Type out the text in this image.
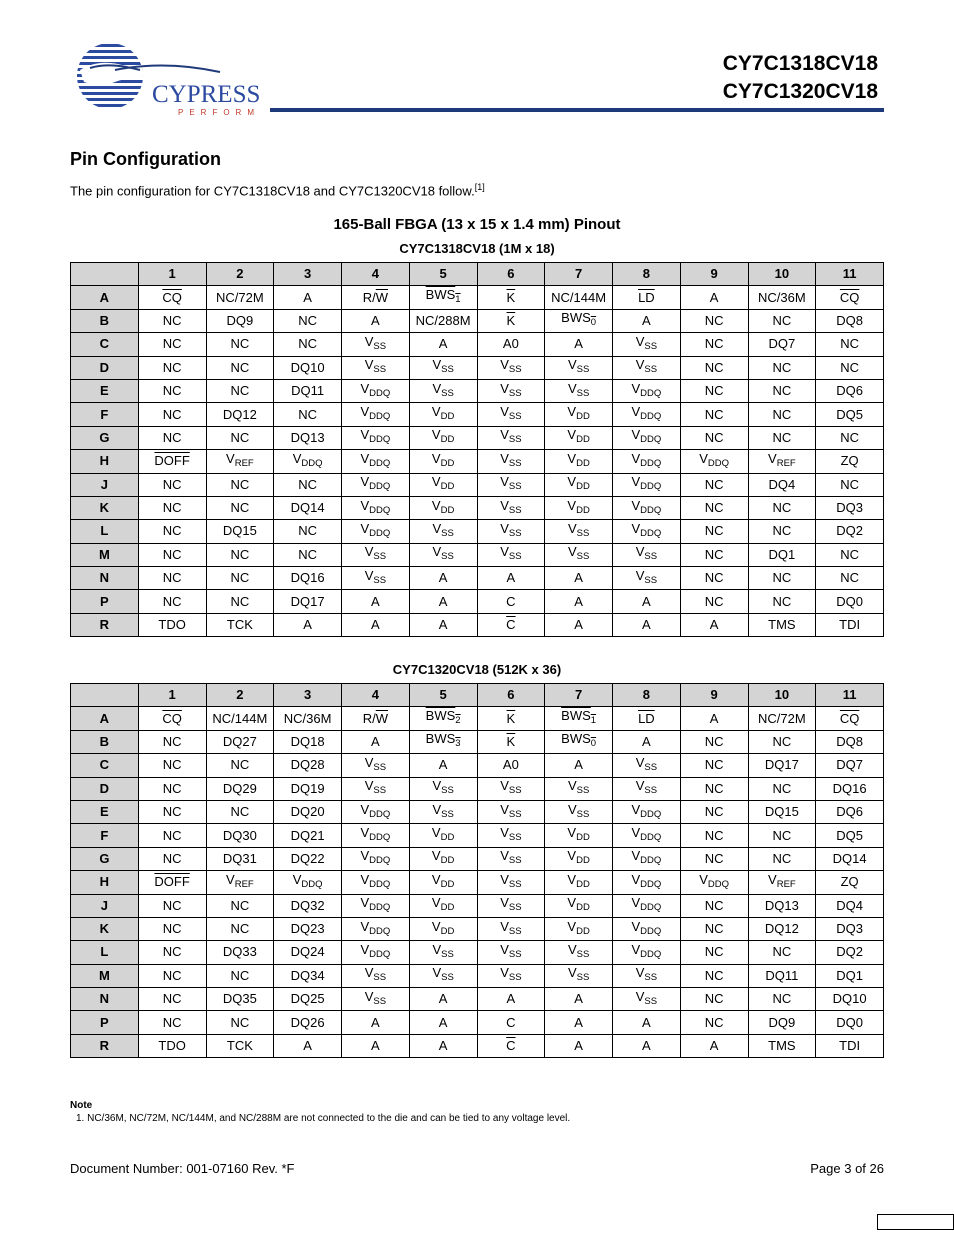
CYPRESS
PERFORM
CY7C1318CV18
CY7C1320CV18
Pin Configuration
The pin configuration for CY7C1318CV18 and CY7C1320CV18 follow.[1]
165-Ball FBGA (13 x 15 x 1.4 mm) Pinout
CY7C1318CV18 (1M x 18)
	1	2	3	4	5	6	7	8	9	10	11
A	$\overline{CQ}$	NC/72M	A	$R/\overline{W}$	$BWS_1$	$\overline{K}$	NC/144M	$\overline{LD}$	A	NC/36M	$\overline{CQ}$
B	NC	DQ9	NC	A	NC/288M	$\overline{K}$	$BWS_0$	A	NC	NC	DQ8
C	NC	NC	NC	$V_{SS}$	A	A0	A	$V_{SS}$	NC	DQ7	NC
D	NC	NC	DQ10	$V_{SS}$	$V_{SS}$	$V_{SS}$	$V_{SS}$	$V_{SS}$	NC	NC	NC
E	NC	NC	DQ11	$V_{DDQ}$	$V_{SS}$	$V_{SS}$	$V_{SS}$	$V_{DDQ}$	NC	NC	DQ6
F	NC	DQ12	NC	$V_{DDQ}$	$V_{DD}$	$V_{SS}$	$V_{DD}$	$V_{DDQ}$	NC	NC	DQ5
G	NC	NC	DQ13	$V_{DDQ}$	$V_{DD}$	$V_{SS}$	$V_{DD}$	$V_{DDQ}$	NC	NC	NC
H	DOFF	$V_{REF}$	$V_{DDQ}$	$V_{DDQ}$	$V_{DD}$	$V_{SS}$	$V_{DD}$	$V_{DDQ}$	$V_{DDQ}$	$V_{REF}$	ZQ
J	NC	NC	NC	$V_{DDQ}$	$V_{DD}$	$V_{SS}$	$V_{DD}$	$V_{DDQ}$	NC	DQ4	NC
K	NC	NC	DQ14	$V_{DDQ}$	$V_{DD}$	$V_{SS}$	$V_{DD}$	$V_{DDQ}$	NC	NC	DQ3
L	NC	DQ15	NC	$V_{DDQ}$	$V_{SS}$	$V_{SS}$	$V_{SS}$	$V_{DDQ}$	NC	NC	DQ2
M	NC	NC	NC	$V_{SS}$	$V_{SS}$	$V_{SS}$	$V_{SS}$	$V_{SS}$	NC	DQ1	NC
N	NC	NC	DQ16	$V_{SS}$	A	A	A	$V_{SS}$	NC	NC	NC
P	NC	NC	DQ17	A	A	C	A	A	NC	NC	DQ0
R	TDO	TCK	A	A	A	$\overline{C}$	A	A	A	TMS	TDI
CY7C1320CV18 (512K x 36)
	1	2	3	4	5	6	7	8	9	10	11
A	$\overline{CQ}$	NC/144M	NC/36M	$R/\overline{W}$	$BWS_2$	$\overline{K}$	$BWS_1$	$\overline{LD}$	A	NC/72M	$\overline{CQ}$
B	NC	DQ27	DQ18	A	$BWS_3$	$\overline{K}$	$BWS_0$	A	NC	NC	DQ8
C	NC	NC	DQ28	$V_{SS}$	A	A0	A	$V_{SS}$	NC	DQ17	DQ7
D	NC	DQ29	DQ19	$V_{SS}$	$V_{SS}$	$V_{SS}$	$V_{SS}$	$V_{SS}$	NC	NC	DQ16
E	NC	NC	DQ20	$V_{DDQ}$	$V_{SS}$	$V_{SS}$	$V_{SS}$	$V_{DDQ}$	NC	DQ15	DQ6
F	NC	DQ30	DQ21	$V_{DDQ}$	$V_{DD}$	$V_{SS}$	$V_{DD}$	$V_{DDQ}$	NC	NC	DQ5
G	NC	DQ31	DQ22	$V_{DDQ}$	$V_{DD}$	$V_{SS}$	$V_{DD}$	$V_{DDQ}$	NC	NC	DQ14
H	DOFF	$V_{REF}$	$V_{DDQ}$	$V_{DDQ}$	$V_{DD}$	$V_{SS}$	$V_{DD}$	$V_{DDQ}$	$V_{DDQ}$	$V_{REF}$	ZQ
J	NC	NC	DQ32	$V_{DDQ}$	$V_{DD}$	$V_{SS}$	$V_{DD}$	$V_{DDQ}$	NC	DQ13	DQ4
K	NC	NC	DQ23	$V_{DDQ}$	$V_{DD}$	$V_{SS}$	$V_{DD}$	$V_{DDQ}$	NC	DQ12	DQ3
L	NC	DQ33	DQ24	$V_{DDQ}$	$V_{SS}$	$V_{SS}$	$V_{SS}$	$V_{DDQ}$	NC	NC	DQ2
M	NC	NC	DQ34	$V_{SS}$	$V_{SS}$	$V_{SS}$	$V_{SS}$	$V_{SS}$	NC	DQ11	DQ1
N	NC	DQ35	DQ25	$V_{SS}$	A	A	A	$V_{SS}$	NC	NC	DQ10
P	NC	NC	DQ26	A	A	C	A	A	NC	DQ9	DQ0
R	TDO	TCK	A	A	A	$\overline{C}$	A	A	A	TMS	TDI
Note
1. NC/36M, NC/72M, NC/144M, and NC/288M are not connected to the die and can be tied to any voltage level.
Document Number: 001-07160 Rev. *F	Page 3 of 26
